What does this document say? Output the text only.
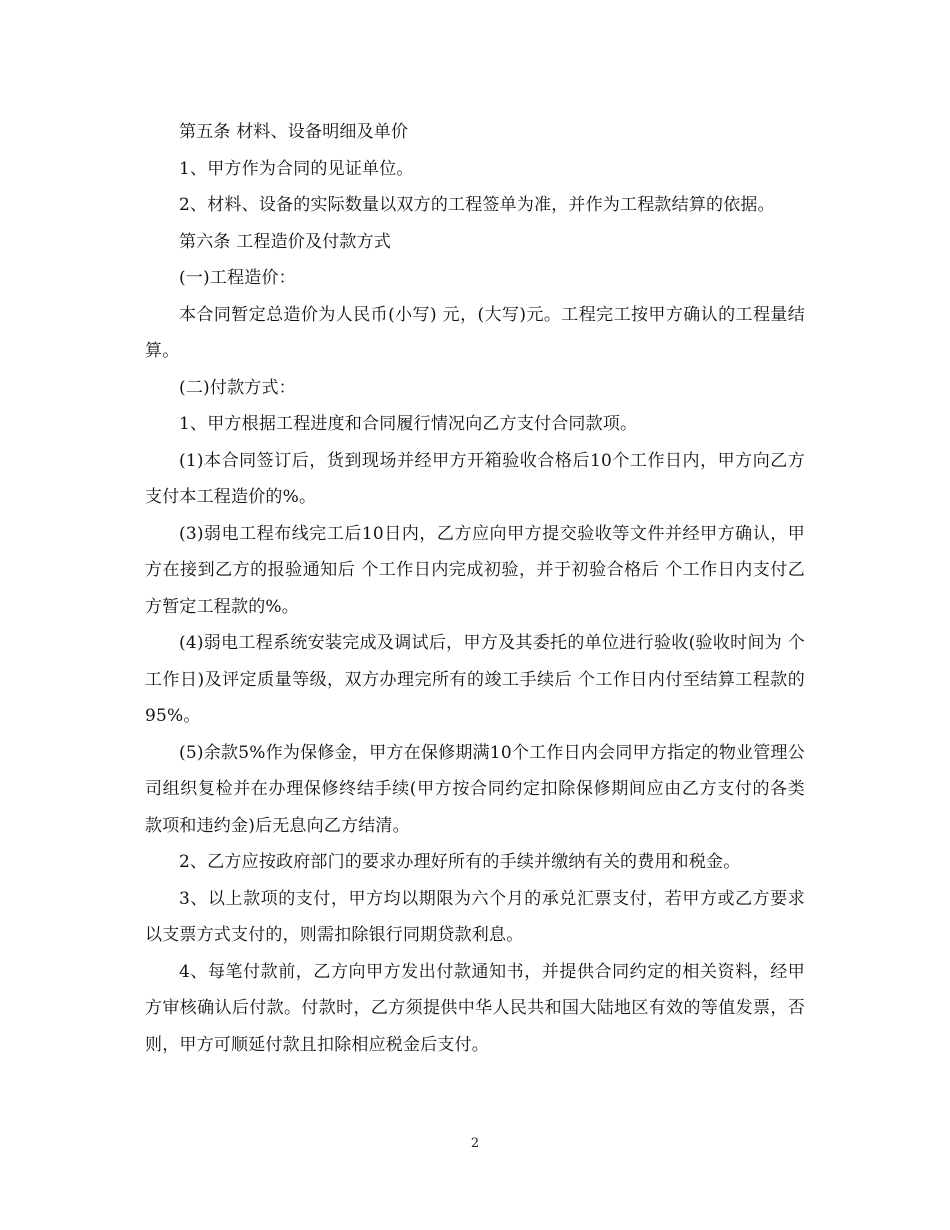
第五条 材料、设备明细及单价

1、甲方作为合同的见证单位。

2、材料、设备的实际数量以双方的工程签单为准，并作为工程款结算的依据。

第六条 工程造价及付款方式

(一)工程造价：

本合同暂定总造价为人民币(小写) 元，(大写)元。工程完工按甲方确认的工程量结算。

(二)付款方式：

1、甲方根据工程进度和合同履行情况向乙方支付合同款项。

(1)本合同签订后，货到现场并经甲方开箱验收合格后10个工作日内，甲方向乙方支付本工程造价的%。

(3)弱电工程布线完工后10日内，乙方应向甲方提交验收等文件并经甲方确认，甲方在接到乙方的报验通知后 个工作日内完成初验，并于初验合格后 个工作日内支付乙方暂定工程款的%。

(4)弱电工程系统安装完成及调试后，甲方及其委托的单位进行验收(验收时间为 个工作日)及评定质量等级，双方办理完所有的竣工手续后 个工作日内付至结算工程款的95%。

(5)余款5%作为保修金，甲方在保修期满10个工作日内会同甲方指定的物业管理公司组织复检并在办理保修终结手续(甲方按合同约定扣除保修期间应由乙方支付的各类款项和违约金)后无息向乙方结清。

2、乙方应按政府部门的要求办理好所有的手续并缴纳有关的费用和税金。

3、以上款项的支付，甲方均以期限为六个月的承兑汇票支付，若甲方或乙方要求以支票方式支付的，则需扣除银行同期贷款利息。

4、每笔付款前，乙方向甲方发出付款通知书，并提供合同约定的相关资料，经甲方审核确认后付款。付款时，乙方须提供中华人民共和国大陆地区有效的等值发票，否则，甲方可顺延付款且扣除相应税金后支付。

2
